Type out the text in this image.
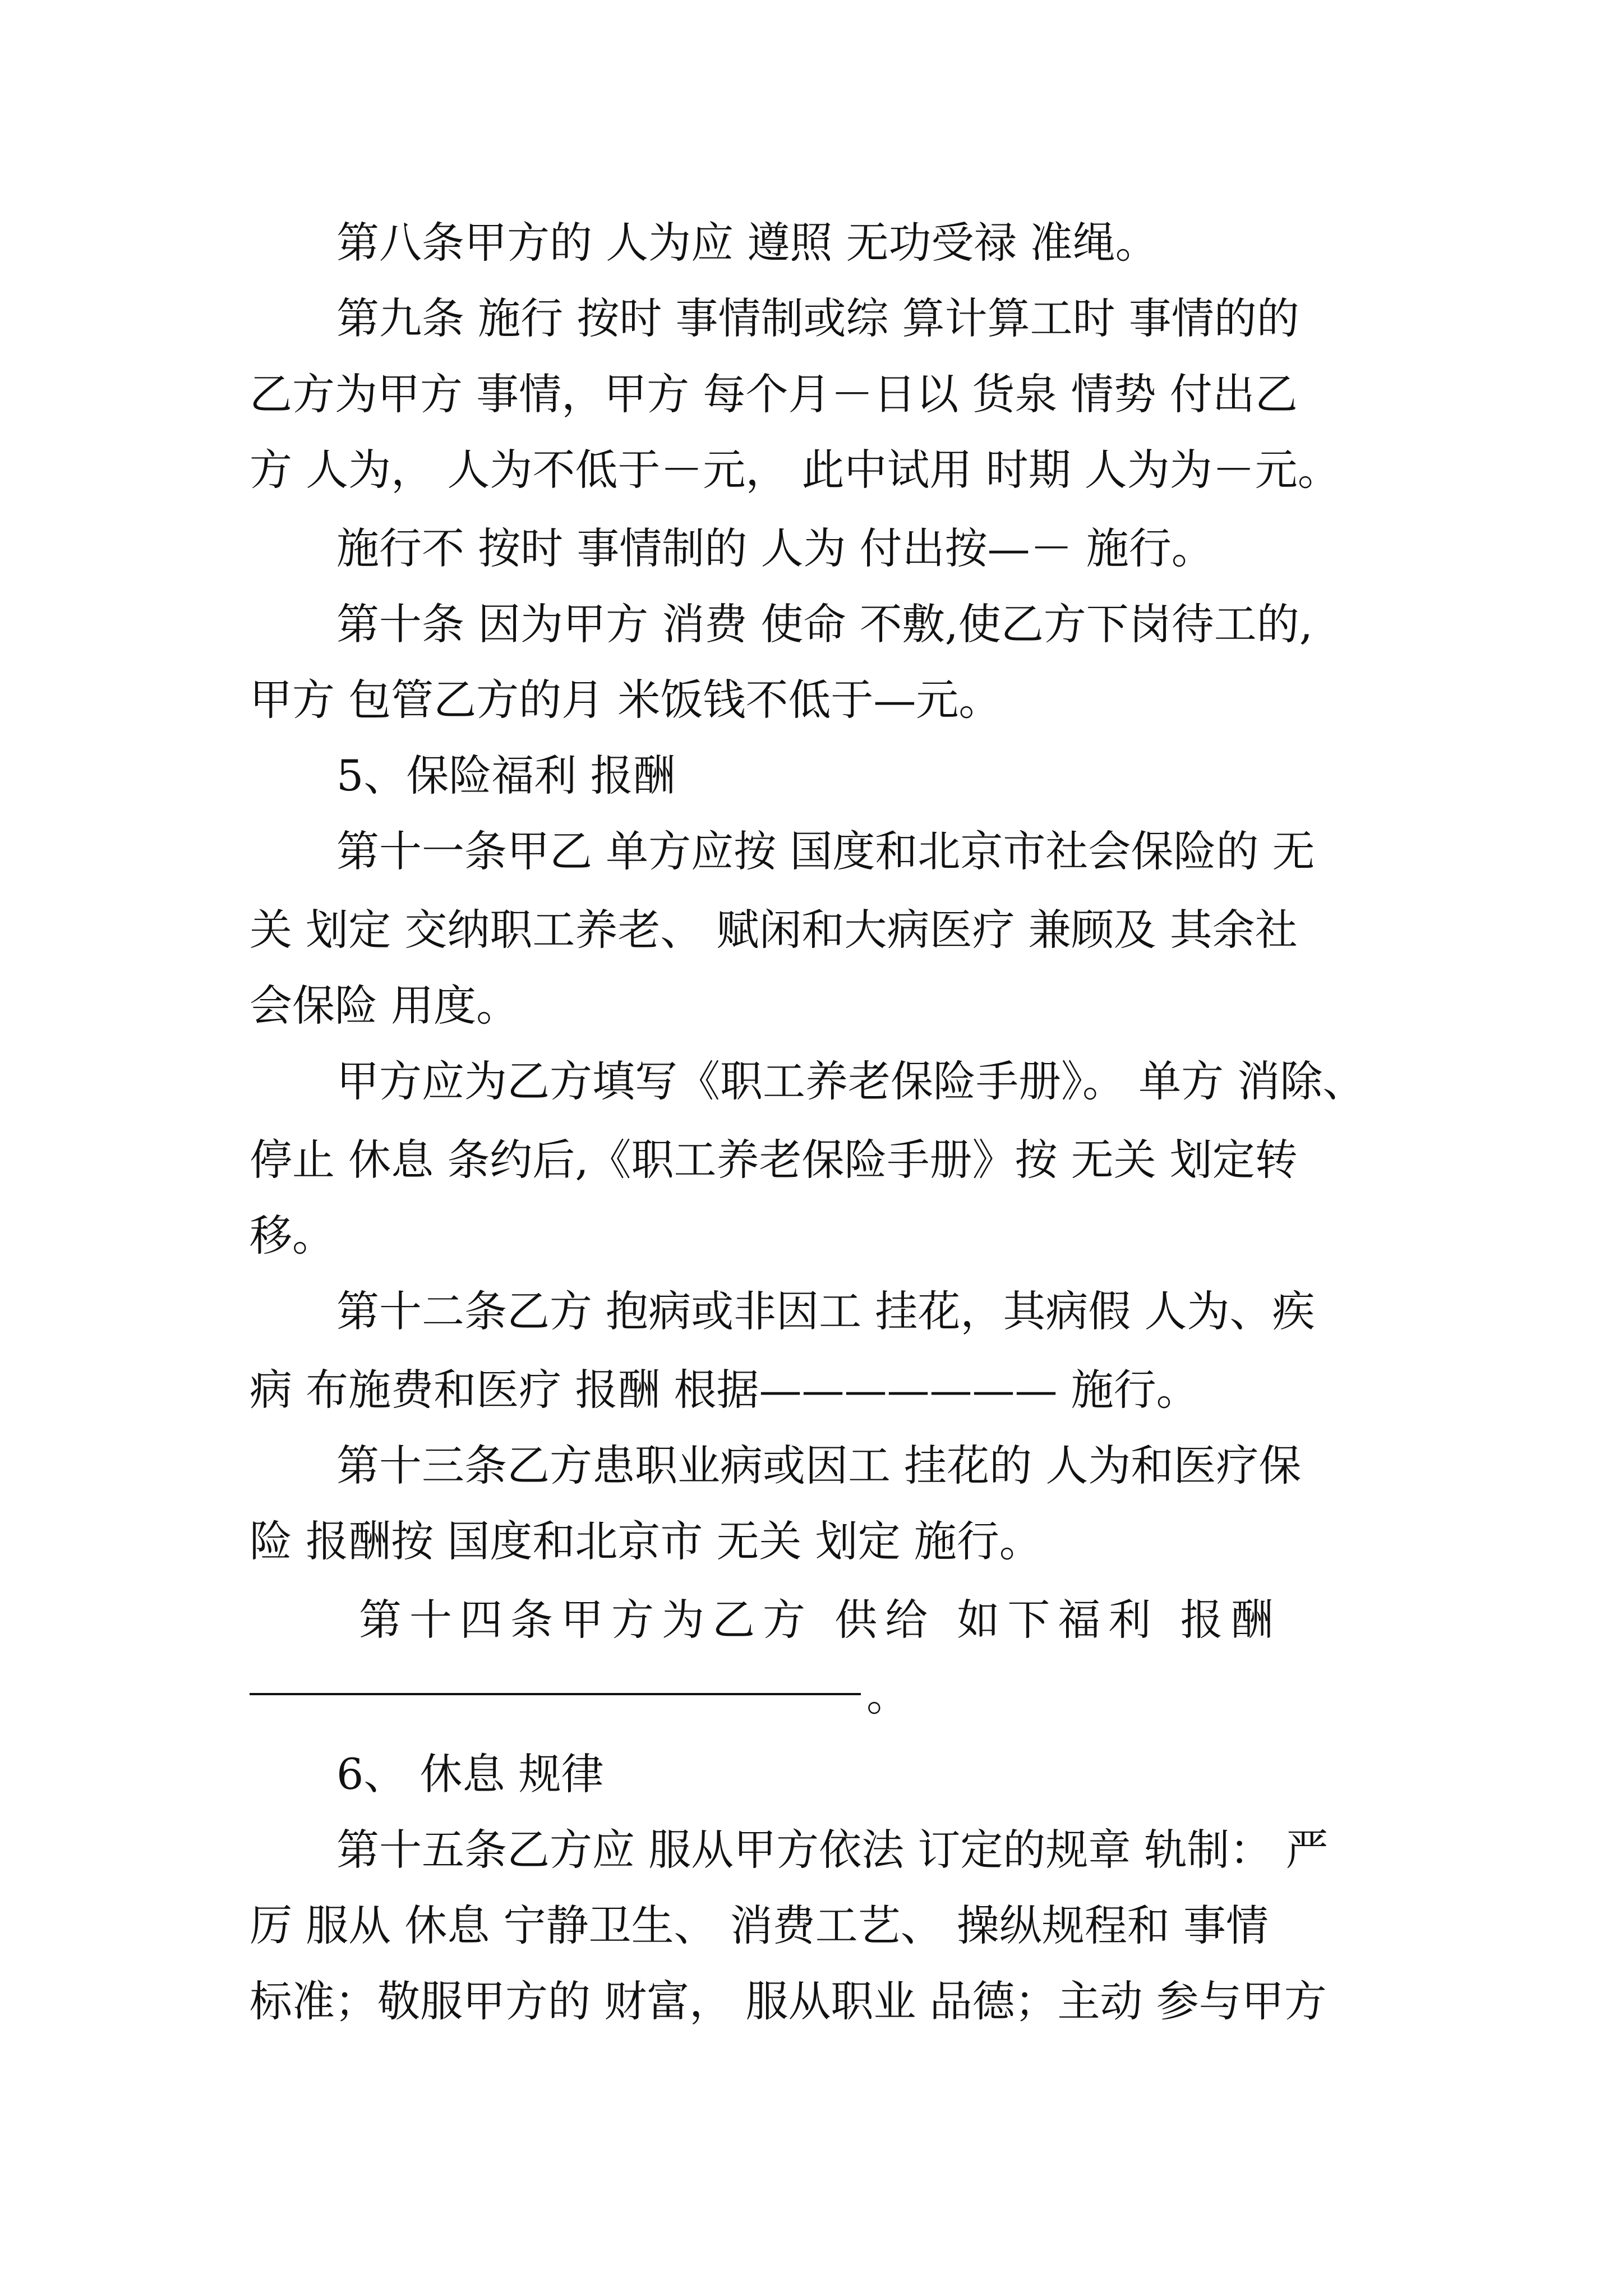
第八条甲方的 人为应 遵照 无功受禄 准绳。
第九条 施行 按时 事情制或综 算计算工时 事情的的
乙方为甲方 事情，甲方 每个月－日以 货泉 情势 付出乙
方 人为， 人为不低于－元， 此中试用 时期 人为为－元。
施行不 按时 事情制的 人为 付出按—－ 施行。
第十条 因为甲方 消费 使命 不敷,使乙方下岗待工的,
甲方 包管乙方的月 米饭钱不低于—元。
5、保险福利 报酬
第十一条甲乙 单方应按 国度和北京市社会保险的 无
关 划定 交纳职工养老、 赋闲和大病医疗 兼顾及 其余社
会保险 用度。
甲方应为乙方填写《职工养老保险手册》。 单方 消除、
停止 休息 条约后,《职工养老保险手册》按 无关 划定转
移。
第十二条乙方 抱病或非因工 挂花，其病假 人为、疾
病 布施费和医疗 报酬 根据——————— 施行。
第十三条乙方患职业病或因工 挂花的 人为和医疗保
险 报酬按 国度和北京市 无关 划定 施行。
第十四条甲方为乙方 供给 如下福利 报酬
。
6、 休息 规律
第十五条乙方应 服从甲方依法 订定的规章 轨制： 严
厉 服从 休息 宁静卫生、 消费工艺、 操纵规程和 事情
标准；敬服甲方的 财富， 服从职业 品德；主动 参与甲方
